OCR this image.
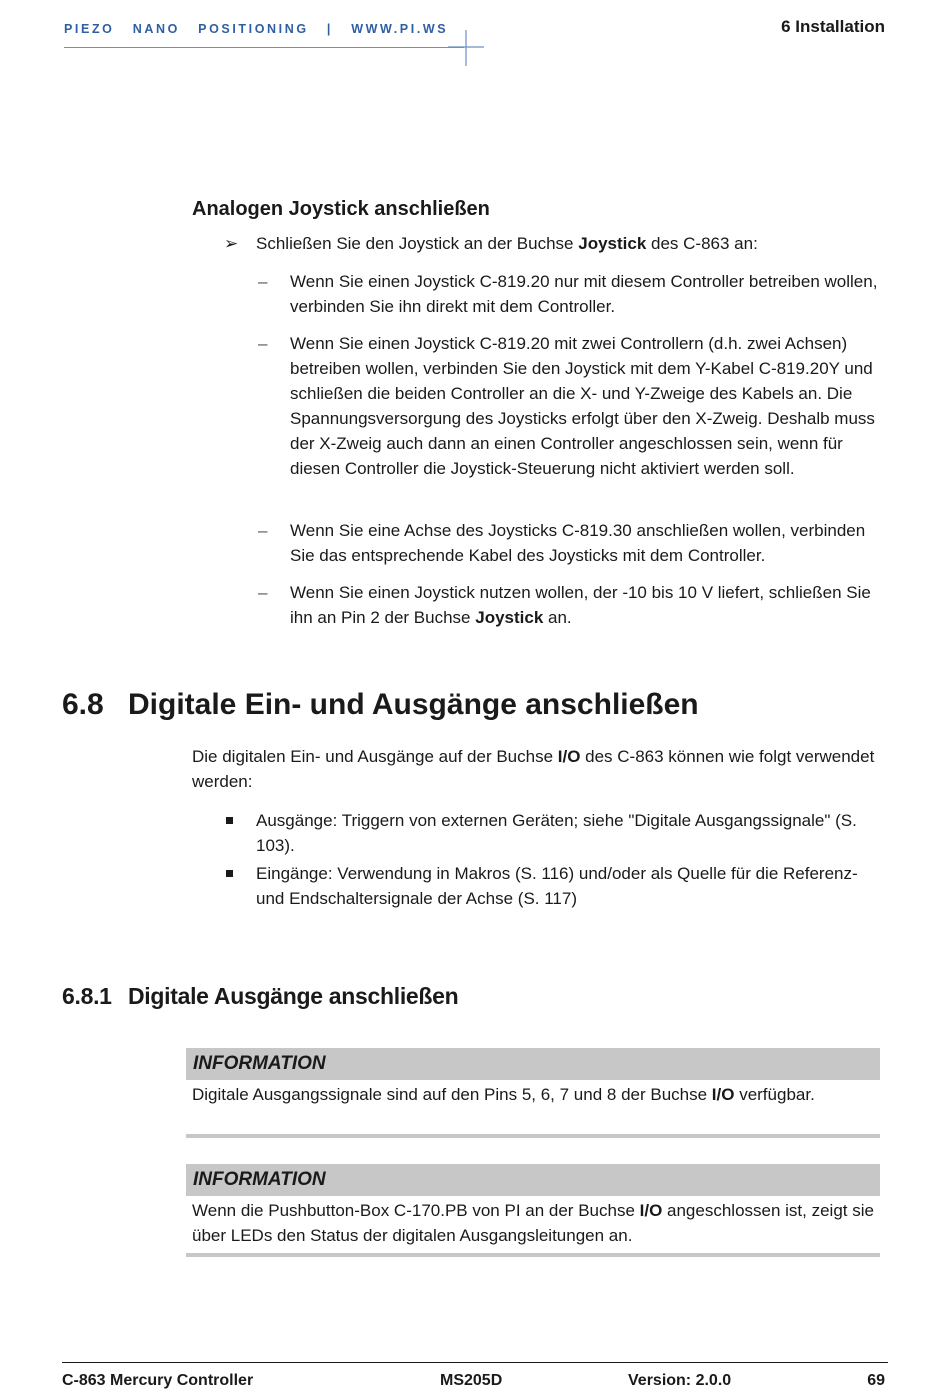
PIEZO   NANO   POSITIONING   |   WWW.PI.WS	6 Installation
Analogen Joystick anschließen
➢ Schließen Sie den Joystick an der Buchse Joystick des C-863 an:
– Wenn Sie einen Joystick C-819.20 nur mit diesem Controller betreiben wollen, verbinden Sie ihn direkt mit dem Controller.
– Wenn Sie einen Joystick C-819.20 mit zwei Controllern (d.h. zwei Achsen) betreiben wollen, verbinden Sie den Joystick mit dem Y-Kabel C-819.20Y und schließen die beiden Controller an die X- und Y-Zweige des Kabels an. Die Spannungsversorgung des Joysticks erfolgt über den X-Zweig. Deshalb muss der X-Zweig auch dann an einen Controller angeschlossen sein, wenn für diesen Controller die Joystick-Steuerung nicht aktiviert werden soll.
– Wenn Sie eine Achse des Joysticks C-819.30 anschließen wollen, verbinden Sie das entsprechende Kabel des Joysticks mit dem Controller.
– Wenn Sie einen Joystick nutzen wollen, der -10 bis 10 V liefert, schließen Sie ihn an Pin 2 der Buchse Joystick an.
6.8 Digitale Ein- und Ausgänge anschließen
Die digitalen Ein- und Ausgänge auf der Buchse I/O des C-863 können wie folgt verwendet werden:
Ausgänge: Triggern von externen Geräten; siehe "Digitale Ausgangssignale" (S. 103).
Eingänge: Verwendung in Makros (S. 116) und/oder als Quelle für die Referenz- und Endschaltersignale der Achse (S. 117)
6.8.1 Digitale Ausgänge anschließen
INFORMATION
Digitale Ausgangssignale sind auf den Pins 5, 6, 7 und 8 der Buchse I/O verfügbar.
INFORMATION
Wenn die Pushbutton-Box C-170.PB von PI an der Buchse I/O angeschlossen ist, zeigt sie über LEDs den Status der digitalen Ausgangsleitungen an.
C-863 Mercury Controller	MS205D	Version: 2.0.0	69
